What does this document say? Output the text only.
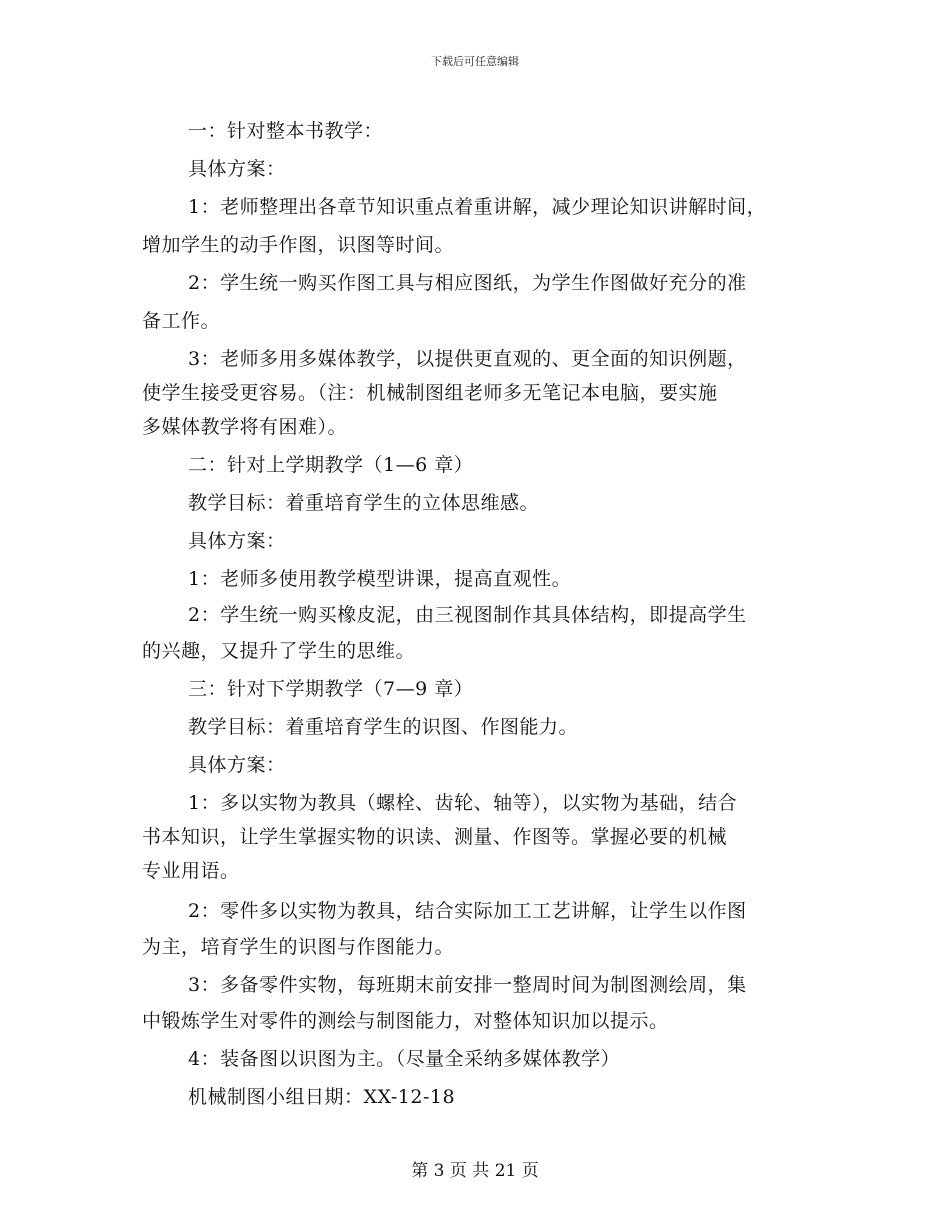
下载后可任意编辑
一：针对整本书教学：
具体方案：
1：老师整理出各章节知识重点着重讲解，减少理论知识讲解时间，
增加学生的动手作图，识图等时间。
2：学生统一购买作图工具与相应图纸，为学生作图做好充分的准
备工作。
3：老师多用多媒体教学，以提供更直观的、更全面的知识例题，
使学生接受更容易。（注：机械制图组老师多无笔记本电脑，要实施
多媒体教学将有困难）。
二：针对上学期教学（1—6 章）
教学目标：着重培育学生的立体思维感。
具体方案：
1：老师多使用教学模型讲课，提高直观性。
2：学生统一购买橡皮泥，由三视图制作其具体结构，即提高学生
的兴趣，又提升了学生的思维。
三：针对下学期教学（7—9 章）
教学目标：着重培育学生的识图、作图能力。
具体方案：
1：多以实物为教具（螺栓、齿轮、轴等），以实物为基础，结合
书本知识，让学生掌握实物的识读、测量、作图等。掌握必要的机械
专业用语。
2：零件多以实物为教具，结合实际加工工艺讲解，让学生以作图
为主，培育学生的识图与作图能力。
3：多备零件实物，每班期末前安排一整周时间为制图测绘周，集
中锻炼学生对零件的测绘与制图能力，对整体知识加以提示。
4：装备图以识图为主。（尽量全采纳多媒体教学）
机械制图小组日期：XX-12-18
第 3 页 共 21 页
